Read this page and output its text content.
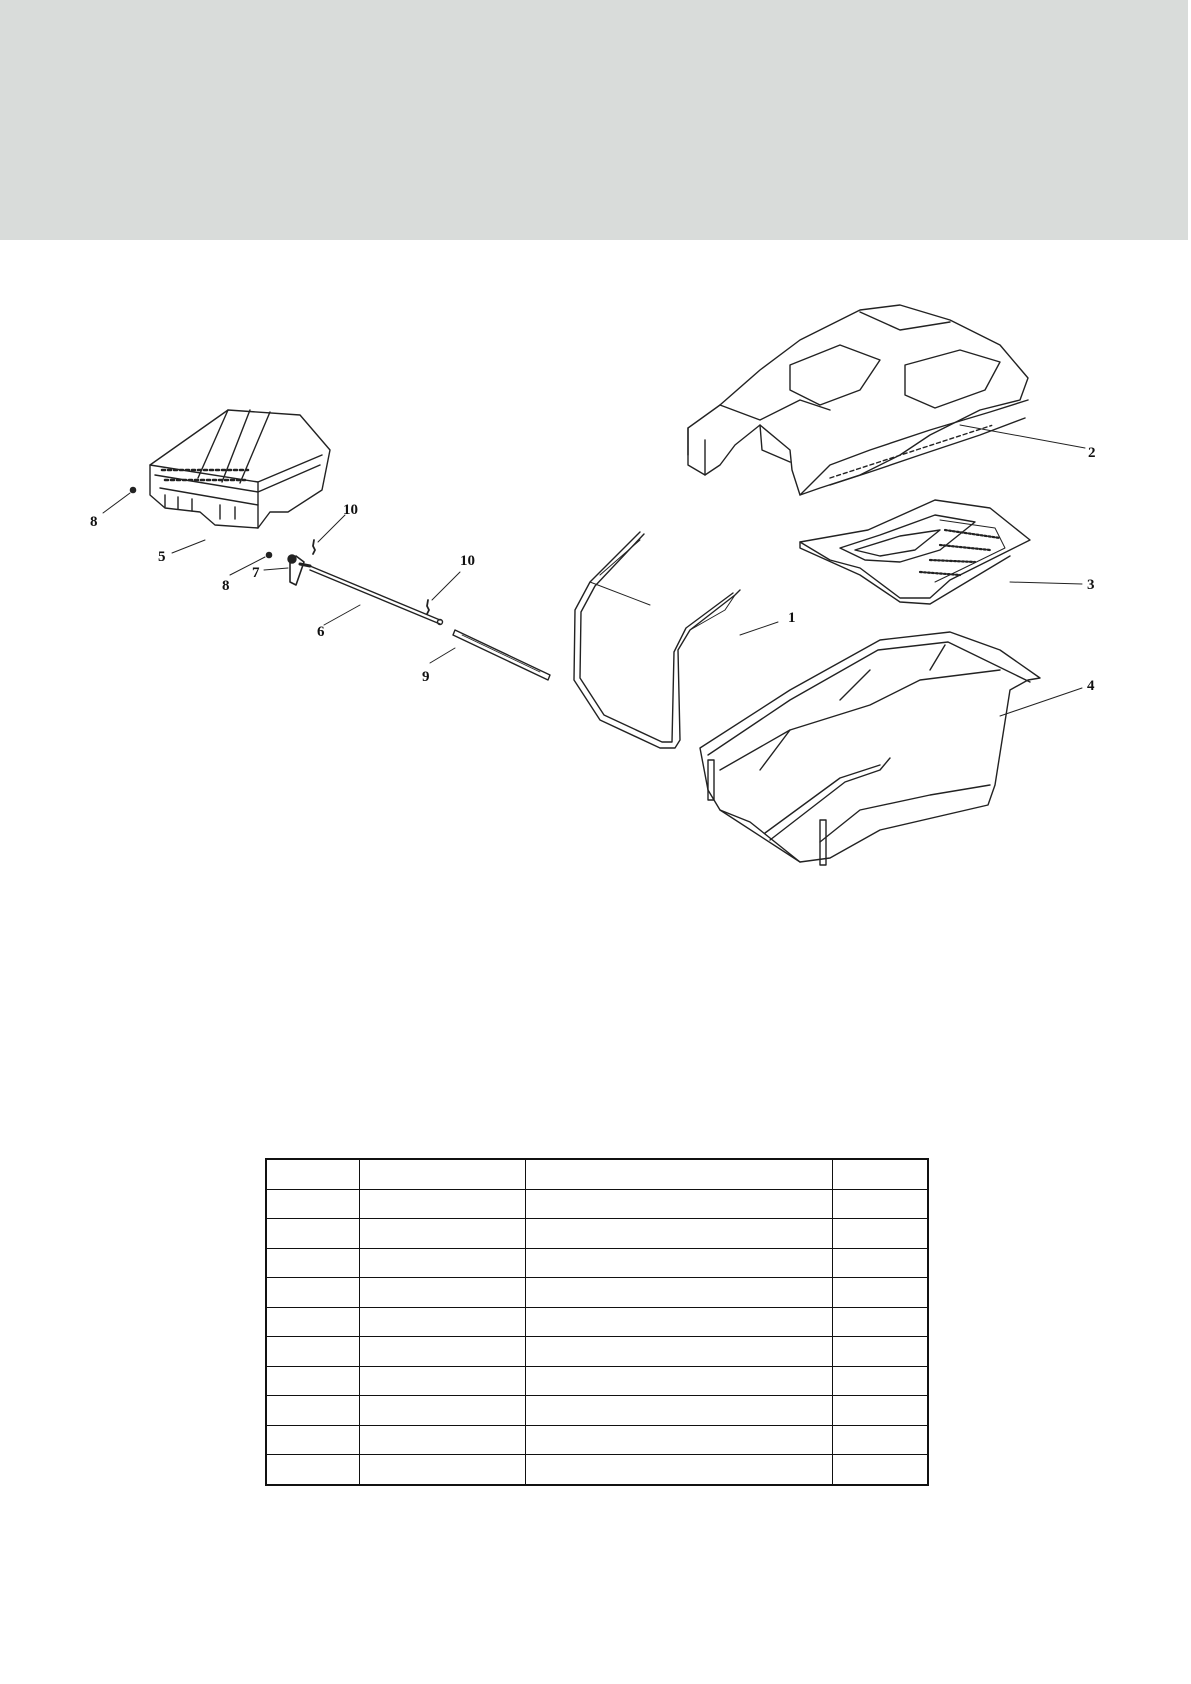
1
2
3
4
5
6
7
8
8
9
10
10
